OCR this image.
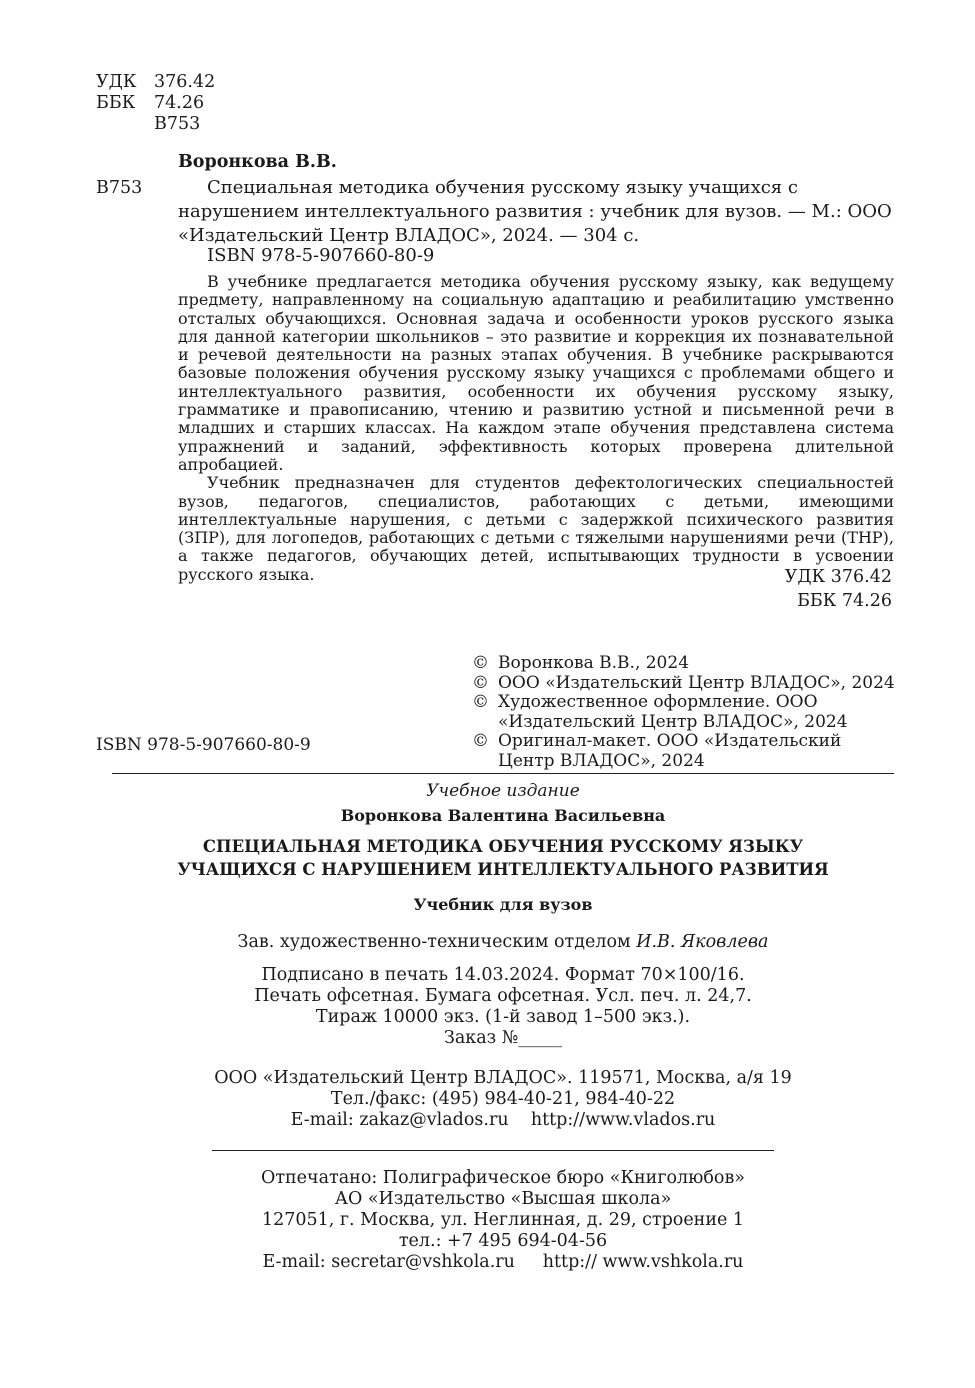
УДК	376.42
ББК	74.26
В753
Воронкова В.В.
В753	Специальная методика обучения русскому языку учащихся с нарушением интеллектуального развития : учебник для вузов. — М.: ООО «Издательский Центр ВЛАДОС», 2024. — 304 с.
ISBN 978-5-907660-80-9

В учебнике предлагается методика обучения русскому языку, как ведущему предмету, направленному на социальную адаптацию и реабилитацию умственно отсталых обучающихся. Основная задача и особенности уроков русского языка для данной категории школьников – это развитие и коррекция их познавательной и речевой деятельности на разных этапах обучения. В учебнике раскрываются базовые положения обучения русскому языку учащихся с проблемами общего и интеллектуального развития, особенности их обучения русскому языку, грамматике и правописанию, чтению и развитию устной и письменной речи в младших и старших классах. На каждом этапе обучения представлена система упражнений и заданий, эффективность которых проверена длительной апробацией.

Учебник предназначен для студентов дефектологических специальностей вузов, педагогов, специалистов, работающих с детьми, имеющими интеллектуальные нарушения, с детьми с задержкой психического развития (ЗПР), для логопедов, работающих с детьми с тяжелыми нарушениями речи (ТНР), а также педагогов, обучающих детей, испытывающих трудности в усвоении русского языка.	УДК 376.42
ББК 74.26
© Воронкова В.В., 2024
© ООО «Издательский Центр ВЛАДОС», 2024
© Художественное оформление. ООО «Издательский Центр ВЛАДОС», 2024
© Оригинал-макет. ООО «Издательский Центр ВЛАДОС», 2024
ISBN 978-5-907660-80-9
Учебное издание
Воронкова Валентина Васильевна
СПЕЦИАЛЬНАЯ МЕТОДИКА ОБУЧЕНИЯ РУССКОМУ ЯЗЫКУ
УЧАЩИХСЯ С НАРУШЕНИЕМ ИНТЕЛЛЕКТУАЛЬНОГО РАЗВИТИЯ
Учебник для вузов
Зав. художественно-техническим отделом И.В. Яковлева
Подписано в печать 14.03.2024. Формат 70×100/16.
Печать офсетная. Бумага офсетная. Усл. печ. л. 24,7.
Тираж 10000 экз. (1-й завод 1–500 экз.).
Заказ №_____
ООО «Издательский Центр ВЛАДОС». 119571, Москва, а/я 19
Тел./факс: (495) 984-40-21, 984-40-22
E-mail: zakaz@vlados.ru    http://www.vlados.ru
Отпечатано: Полиграфическое бюро «Книголюбов»
АО «Издательство «Высшая школа»
127051, г. Москва, ул. Неглинная, д. 29, строение 1
тел.: +7 495 694-04-56
E-mail: secretar@vshkola.ru     http:// www.vshkola.ru
